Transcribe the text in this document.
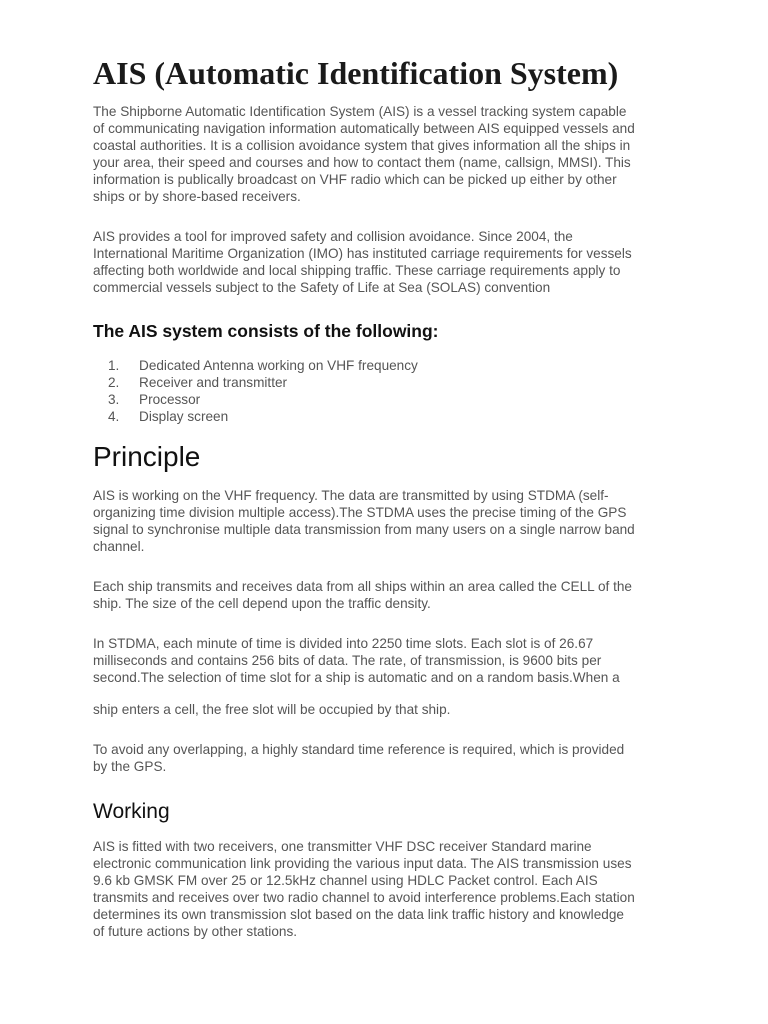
AIS (Automatic Identification System)

The Shipborne Automatic Identification System (AIS) is a vessel tracking system capable
of communicating navigation information automatically between AIS equipped vessels and
coastal authorities. It is a collision avoidance system that gives information all the ships in
your area, their speed and courses and how to contact them (name, callsign, MMSI). This
information is publically broadcast on VHF radio which can be picked up either by other
ships or by shore-based receivers.

AIS provides a tool for improved safety and collision avoidance. Since 2004, the
International Maritime Organization (IMO) has instituted carriage requirements for vessels
affecting both worldwide and local shipping traffic. These carriage requirements apply to
commercial vessels subject to the Safety of Life at Sea (SOLAS) convention

The AIS system consists of the following:
1. Dedicated Antenna working on VHF frequency
2. Receiver and transmitter
3. Processor
4. Display screen
Principle

AIS is working on the VHF frequency. The data are transmitted by using STDMA (self-
organizing time division multiple access).The STDMA uses the precise timing of the GPS
signal to synchronise multiple data transmission from many users on a single narrow band
channel.

Each ship transmits and receives data from all ships within an area called the CELL of the
ship. The size of the cell depend upon the traffic density.

In STDMA, each minute of time is divided into 2250 time slots. Each slot is of 26.67
milliseconds and contains 256 bits of data. The rate, of transmission, is 9600 bits per
second.The selection of time slot for a ship is automatic and on a random basis.When a

ship enters a cell, the free slot will be occupied by that ship.

To avoid any overlapping, a highly standard time reference is required, which is provided
by the GPS.

Working

AIS is fitted with two receivers, one transmitter VHF DSC receiver Standard marine
electronic communication link providing the various input data. The AIS transmission uses
9.6 kb GMSK FM over 25 or 12.5kHz channel using HDLC Packet control. Each AIS
transmits and receives over two radio channel to avoid interference problems.Each station
determines its own transmission slot based on the data link traffic history and knowledge
of future actions by other stations.
